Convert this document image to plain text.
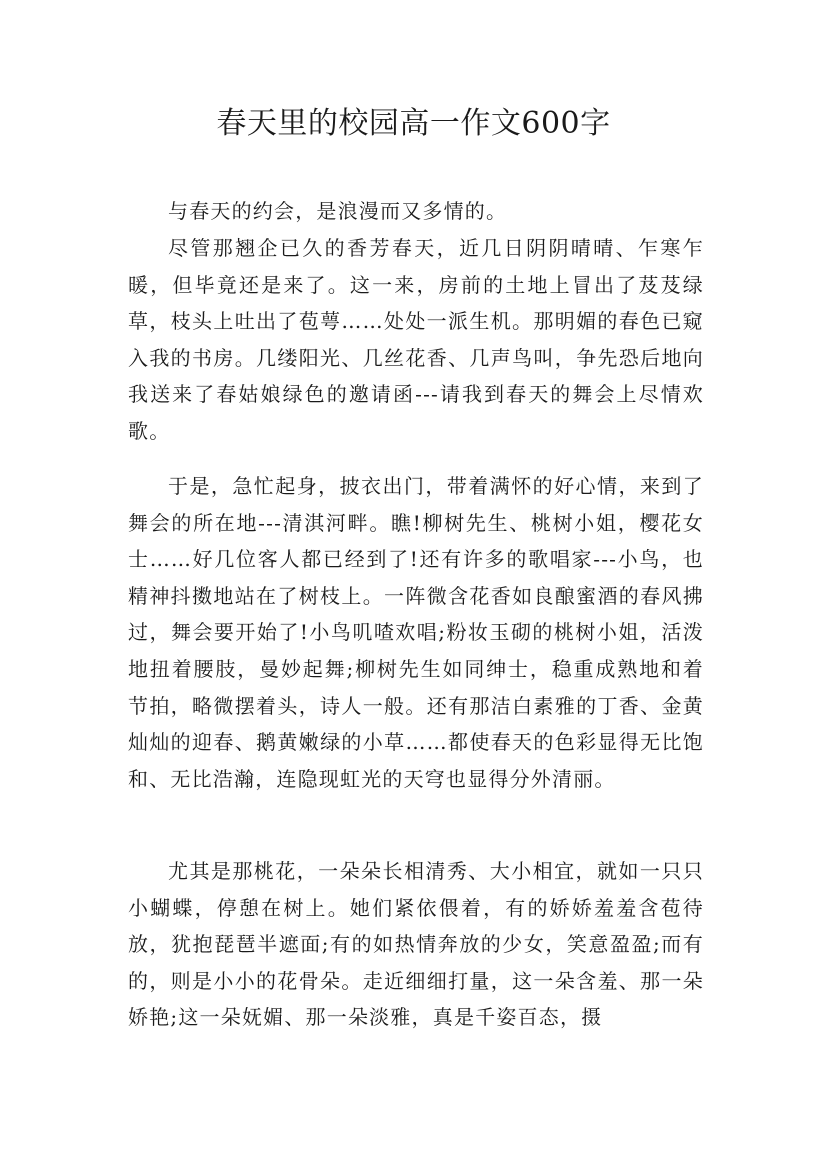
春天里的校园高一作文600字

与春天的约会，是浪漫而又多情的。

尽管那翘企已久的香芳春天，近几日阴阴晴晴、乍寒乍暖，但毕竟还是来了。这一来，房前的土地上冒出了芨芨绿草，枝头上吐出了苞萼……处处一派生机。那明媚的春色已窥入我的书房。几缕阳光、几丝花香、几声鸟叫，争先恐后地向我送来了春姑娘绿色的邀请函---请我到春天的舞会上尽情欢歌。

于是，急忙起身，披衣出门，带着满怀的好心情，来到了舞会的所在地---清淇河畔。瞧!柳树先生、桃树小姐，樱花女士……好几位客人都已经到了!还有许多的歌唱家---小鸟，也精神抖擞地站在了树枝上。一阵微含花香如良酿蜜酒的春风拂过，舞会要开始了!小鸟叽喳欢唱;粉妆玉砌的桃树小姐，活泼地扭着腰肢，曼妙起舞;柳树先生如同绅士，稳重成熟地和着节拍，略微摆着头，诗人一般。还有那洁白素雅的丁香、金黄灿灿的迎春、鹅黄嫩绿的小草……都使春天的色彩显得无比饱和、无比浩瀚，连隐现虹光的天穹也显得分外清丽。

尤其是那桃花，一朵朵长相清秀、大小相宜，就如一只只小蝴蝶，停憩在树上。她们紧依偎着，有的娇娇羞羞含苞待放，犹抱琵琶半遮面;有的如热情奔放的少女，笑意盈盈;而有的，则是小小的花骨朵。走近细细打量，这一朵含羞、那一朵娇艳;这一朵妩媚、那一朵淡雅，真是千姿百态，摄
